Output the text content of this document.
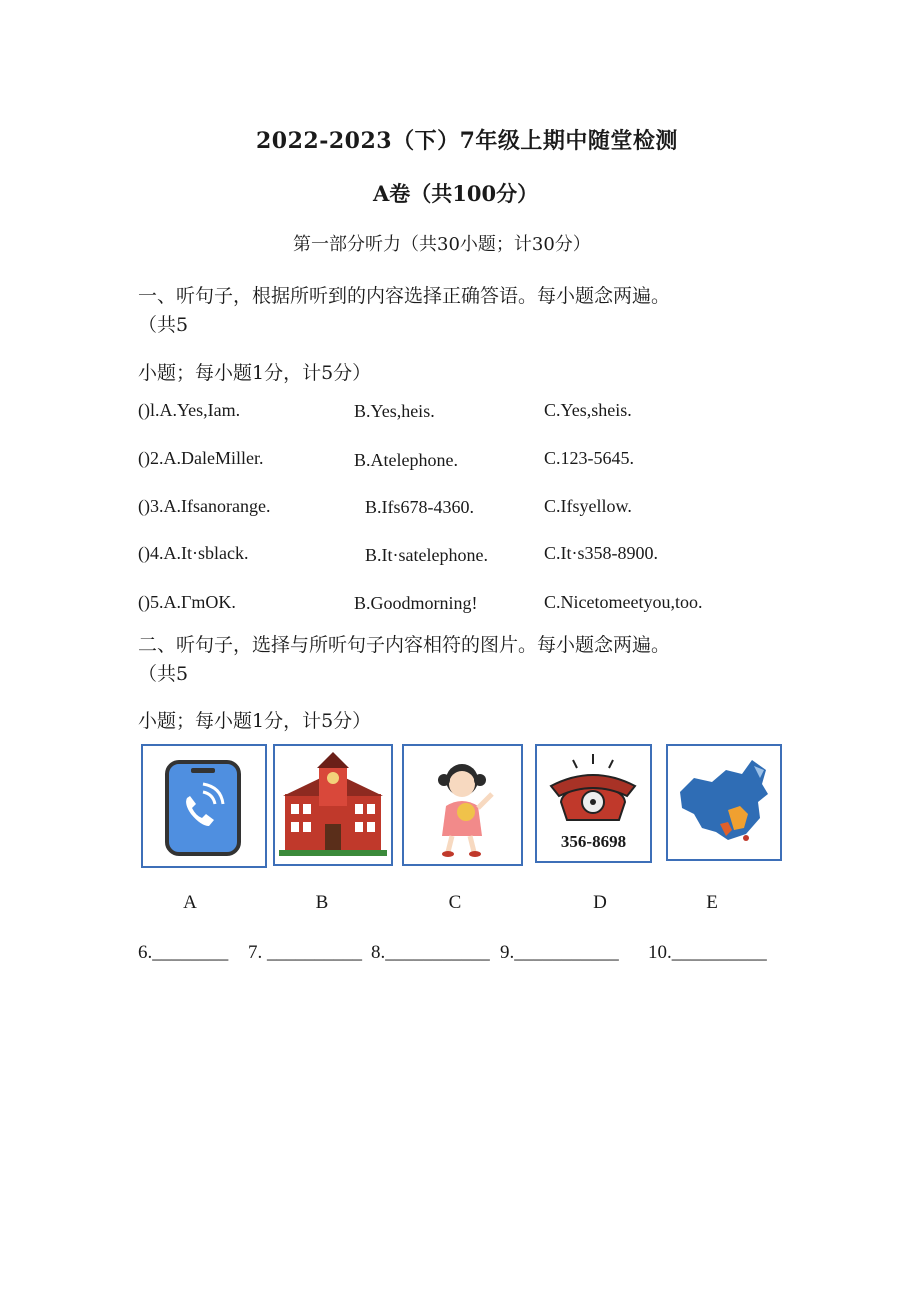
2022-2023（下）7年级上期中随堂检测
A卷（共100分）
第一部分听力（共30小题；计30分）
一、听句子，根据所听到的内容选择正确答语。每小题念两遍。
（共5
小题；每小题1分，计5分）
()l.A.Yes,Iam.	B.Yes,heis.	C.Yes,sheis.
()2.A.DaleMiller.	B.Atelephone.	C.123-5645.
()3.A.Ifsanorange.	B.Ifs678-4360.	C.Ifsyellow.
()4.A.It·sblack.	B.It·satelephone.	C.It·s358-8900.
()5.A.ΓmOK.	B.Goodmorning!	C.Nicetomeetyou,too.
二、听句子，选择与所听句子内容相符的图片。每小题念两遍。
（共5
小题；每小题1分，计5分）
356-8698
A	B	C	D	E
6.________ 7. __________ 8.___________ 9.___________ 10.__________
